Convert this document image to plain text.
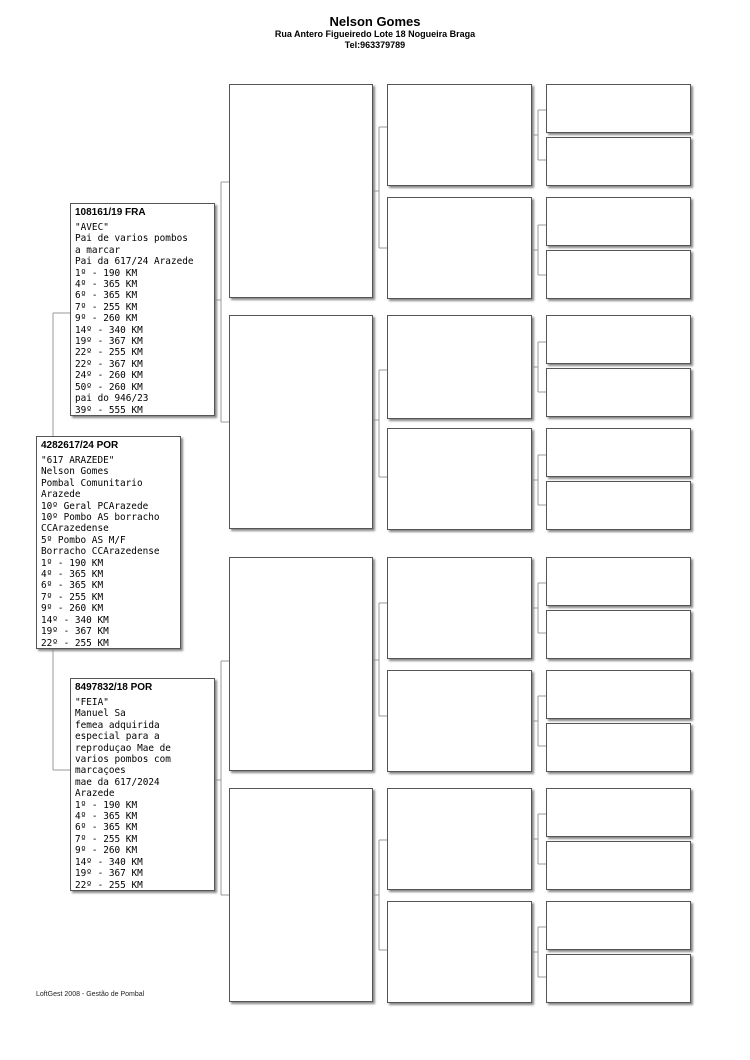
Nelson Gomes
Rua Antero Figueiredo Lote 18 Nogueira Braga
Tel:963379789
108161/19 FRA
"AVEC"
Pai de varios pombos
a marcar
Pai da 617/24 Arazede
1º - 190 KM
4º - 365 KM
6º - 365 KM
7º - 255 KM
9º - 260 KM
14º - 340 KM
19º - 367 KM
22º - 255 KM
22º - 367 KM
24º - 260 KM
50º - 260 KM
pai do 946/23
39º - 555 KM
4282617/24 POR
"617 ARAZEDE"
Nelson Gomes
Pombal Comunitario
Arazede
10º Geral PCArazede
10º Pombo AS borracho
CCArazedense
5º Pombo AS M/F
Borracho CCArazedense
1º - 190 KM
4º - 365 KM
6º - 365 KM
7º - 255 KM
9º - 260 KM
14º - 340 KM
19º - 367 KM
22º - 255 KM
8497832/18 POR
"FEIA"
Manuel Sa
femea adquirida
especial para a
reproduçao Mae de
varios pombos com
marcaçoes
mae da 617/2024
Arazede
1º - 190 KM
4º - 365 KM
6º - 365 KM
7º - 255 KM
9º - 260 KM
14º - 340 KM
19º - 367 KM
22º - 255 KM
LoftGest 2008 - Gestão de Pombal
